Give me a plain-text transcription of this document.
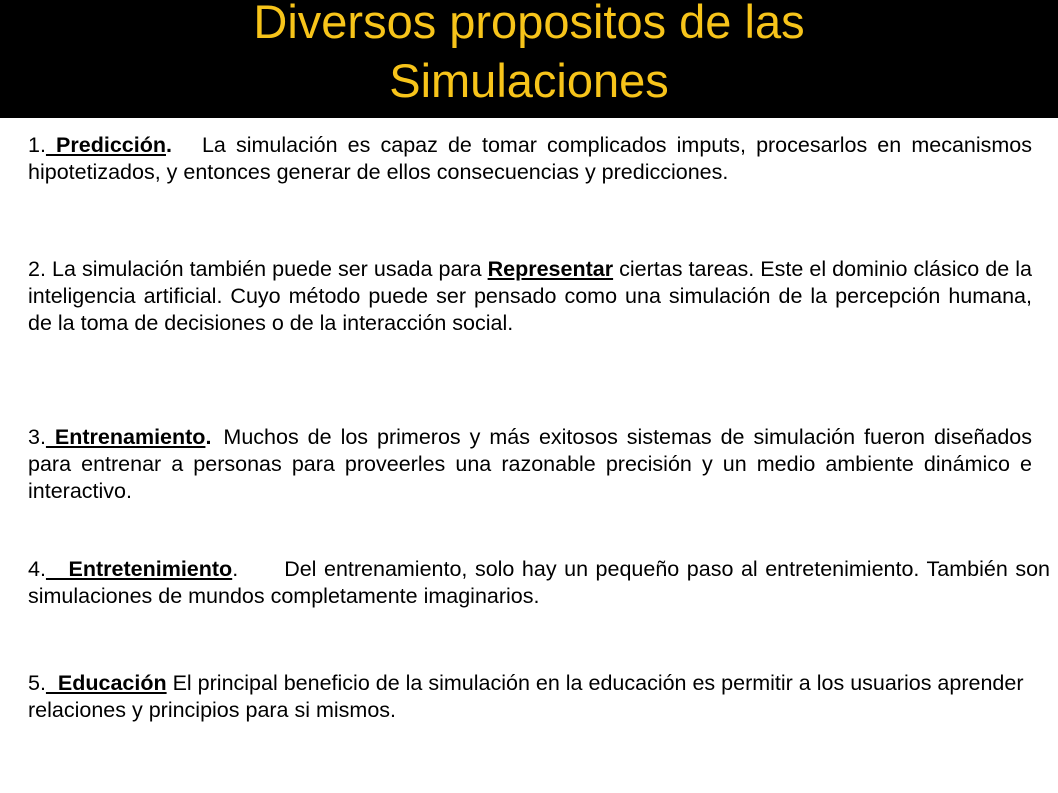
Diversos propositos de las
Simulaciones

1. Predicción. La simulación es capaz de tomar complicados imputs, procesarlos en mecanismos hipotetizados, y entonces generar de ellos consecuencias y predicciones.

2. La simulación también puede ser usada para Representar ciertas tareas. Este el dominio clásico de la inteligencia artificial. Cuyo método puede ser pensado como una simulación de la percepción humana, de la toma de decisiones o de la interacción social.

3. Entrenamiento. Muchos de los primeros y más exitosos sistemas de simulación fueron diseñados para entrenar a personas para proveerles una razonable precisión y un medio ambiente dinámico e interactivo.

4.   Entretenimiento. Del entrenamiento, solo hay un pequeño paso al entretenimiento. También son simulaciones de mundos completamente imaginarios.

5.  Educación El principal beneficio de la simulación en la educación es permitir a los usuarios aprender relaciones y principios para si mismos.
